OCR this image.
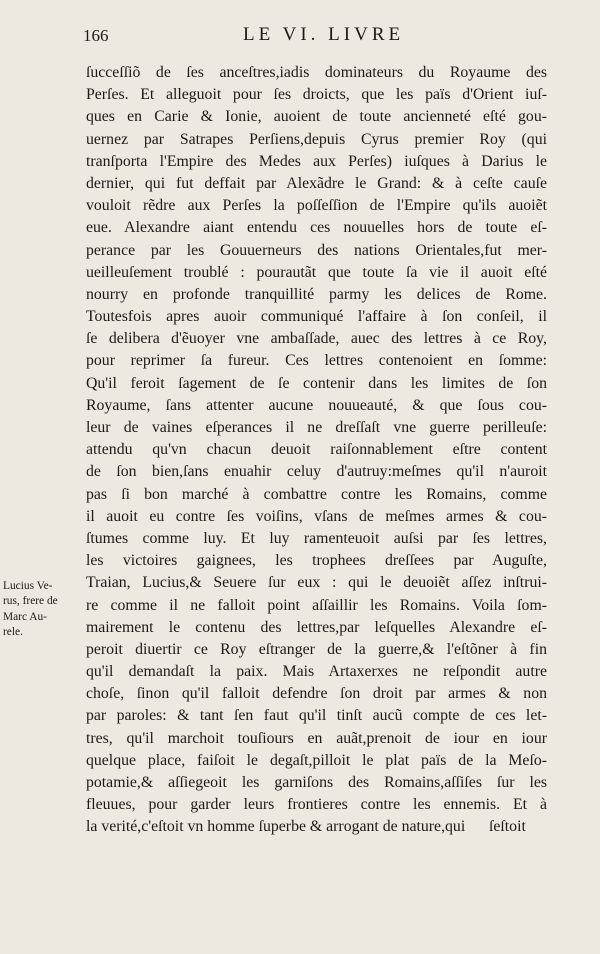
166	LE VI. LIVRE
Lucius Ve-
rus, frere de
Marc Au-
rele.
ſucceſſiõ de ſes anceſtres,iadis dominateurs du Royaume des
Perſes. Et alleguoit pour ſes droicts, que les païs d'Orient iuſ-
ques en Carie & Ionie, auoient de toute ancienneté eſté gou-
uernez par Satrapes Perſiens,depuis Cyrus premier Roy (qui
tranſporta l'Empire des Medes aux Perſes) iuſques à Darius le
dernier, qui fut deffait par Alexãdre le Grand: & à ceſte cauſe
vouloit rẽdre aux Perſes la poſſeſſion de l'Empire qu'ils auoiẽt
eue. Alexandre aiant entendu ces nouuelles hors de toute eſ-
perance par les Gouuerneurs des nations Orientales,fut mer-
ueilleuſement troublé : pourautãt que toute ſa vie il auoit eſté
nourry en profonde tranquillité parmy les delices de Rome.
Toutesfois apres auoir communiqué l'affaire à ſon conſeil, il
ſe delibera d'ẽuoyer vne ambaſſade, auec des lettres à ce Roy,
pour reprimer ſa fureur. Ces lettres contenoient en ſomme:
Qu'il feroit ſagement de ſe contenir dans les limites de ſon
Royaume, ſans attenter aucune nouueauté, & que ſous cou-
leur de vaines eſperances il ne dreſſaſt vne guerre perilleuſe:
attendu qu'vn chacun deuoit raiſonnablement eſtre content
de ſon bien,ſans enuahir celuy d'autruy:meſmes qu'il n'auroit
pas ſi bon marché à combattre contre les Romains, comme
il auoit eu contre ſes voiſins, vſans de meſmes armes & cou-
ſtumes comme luy. Et luy ramenteuoit auſsi par ſes lettres,
les victoires gaignees, les trophees dreſſees par Auguſte,
Traian, Lucius,& Seuere ſur eux : qui le deuoiẽt aſſez inſtrui-
re comme il ne falloit point aſſaillir les Romains. Voila ſom-
mairement le contenu des lettres,par leſquelles Alexandre eſ-
peroit diuertir ce Roy eſtranger de la guerre,& l'eſtõner à fin
qu'il demandaſt la paix. Mais Artaxerxes ne reſpondit autre
choſe, ſinon qu'il falloit defendre ſon droit par armes & non
par paroles: & tant ſen faut qu'il tinſt aucũ compte de ces let-
tres, qu'il marchoit touſiours en auãt,prenoit de iour en iour
quelque place, faiſoit le degaſt,pilloit le plat païs de la Meſo-
potamie,& aſſiegeoit les garniſons des Romains,aſſiſes ſur les
fleuues, pour garder leurs frontieres contre les ennemis. Et à
la verité,c'eſtoit vn homme ſuperbe & arrogant de nature,qui	ſeſtoit
